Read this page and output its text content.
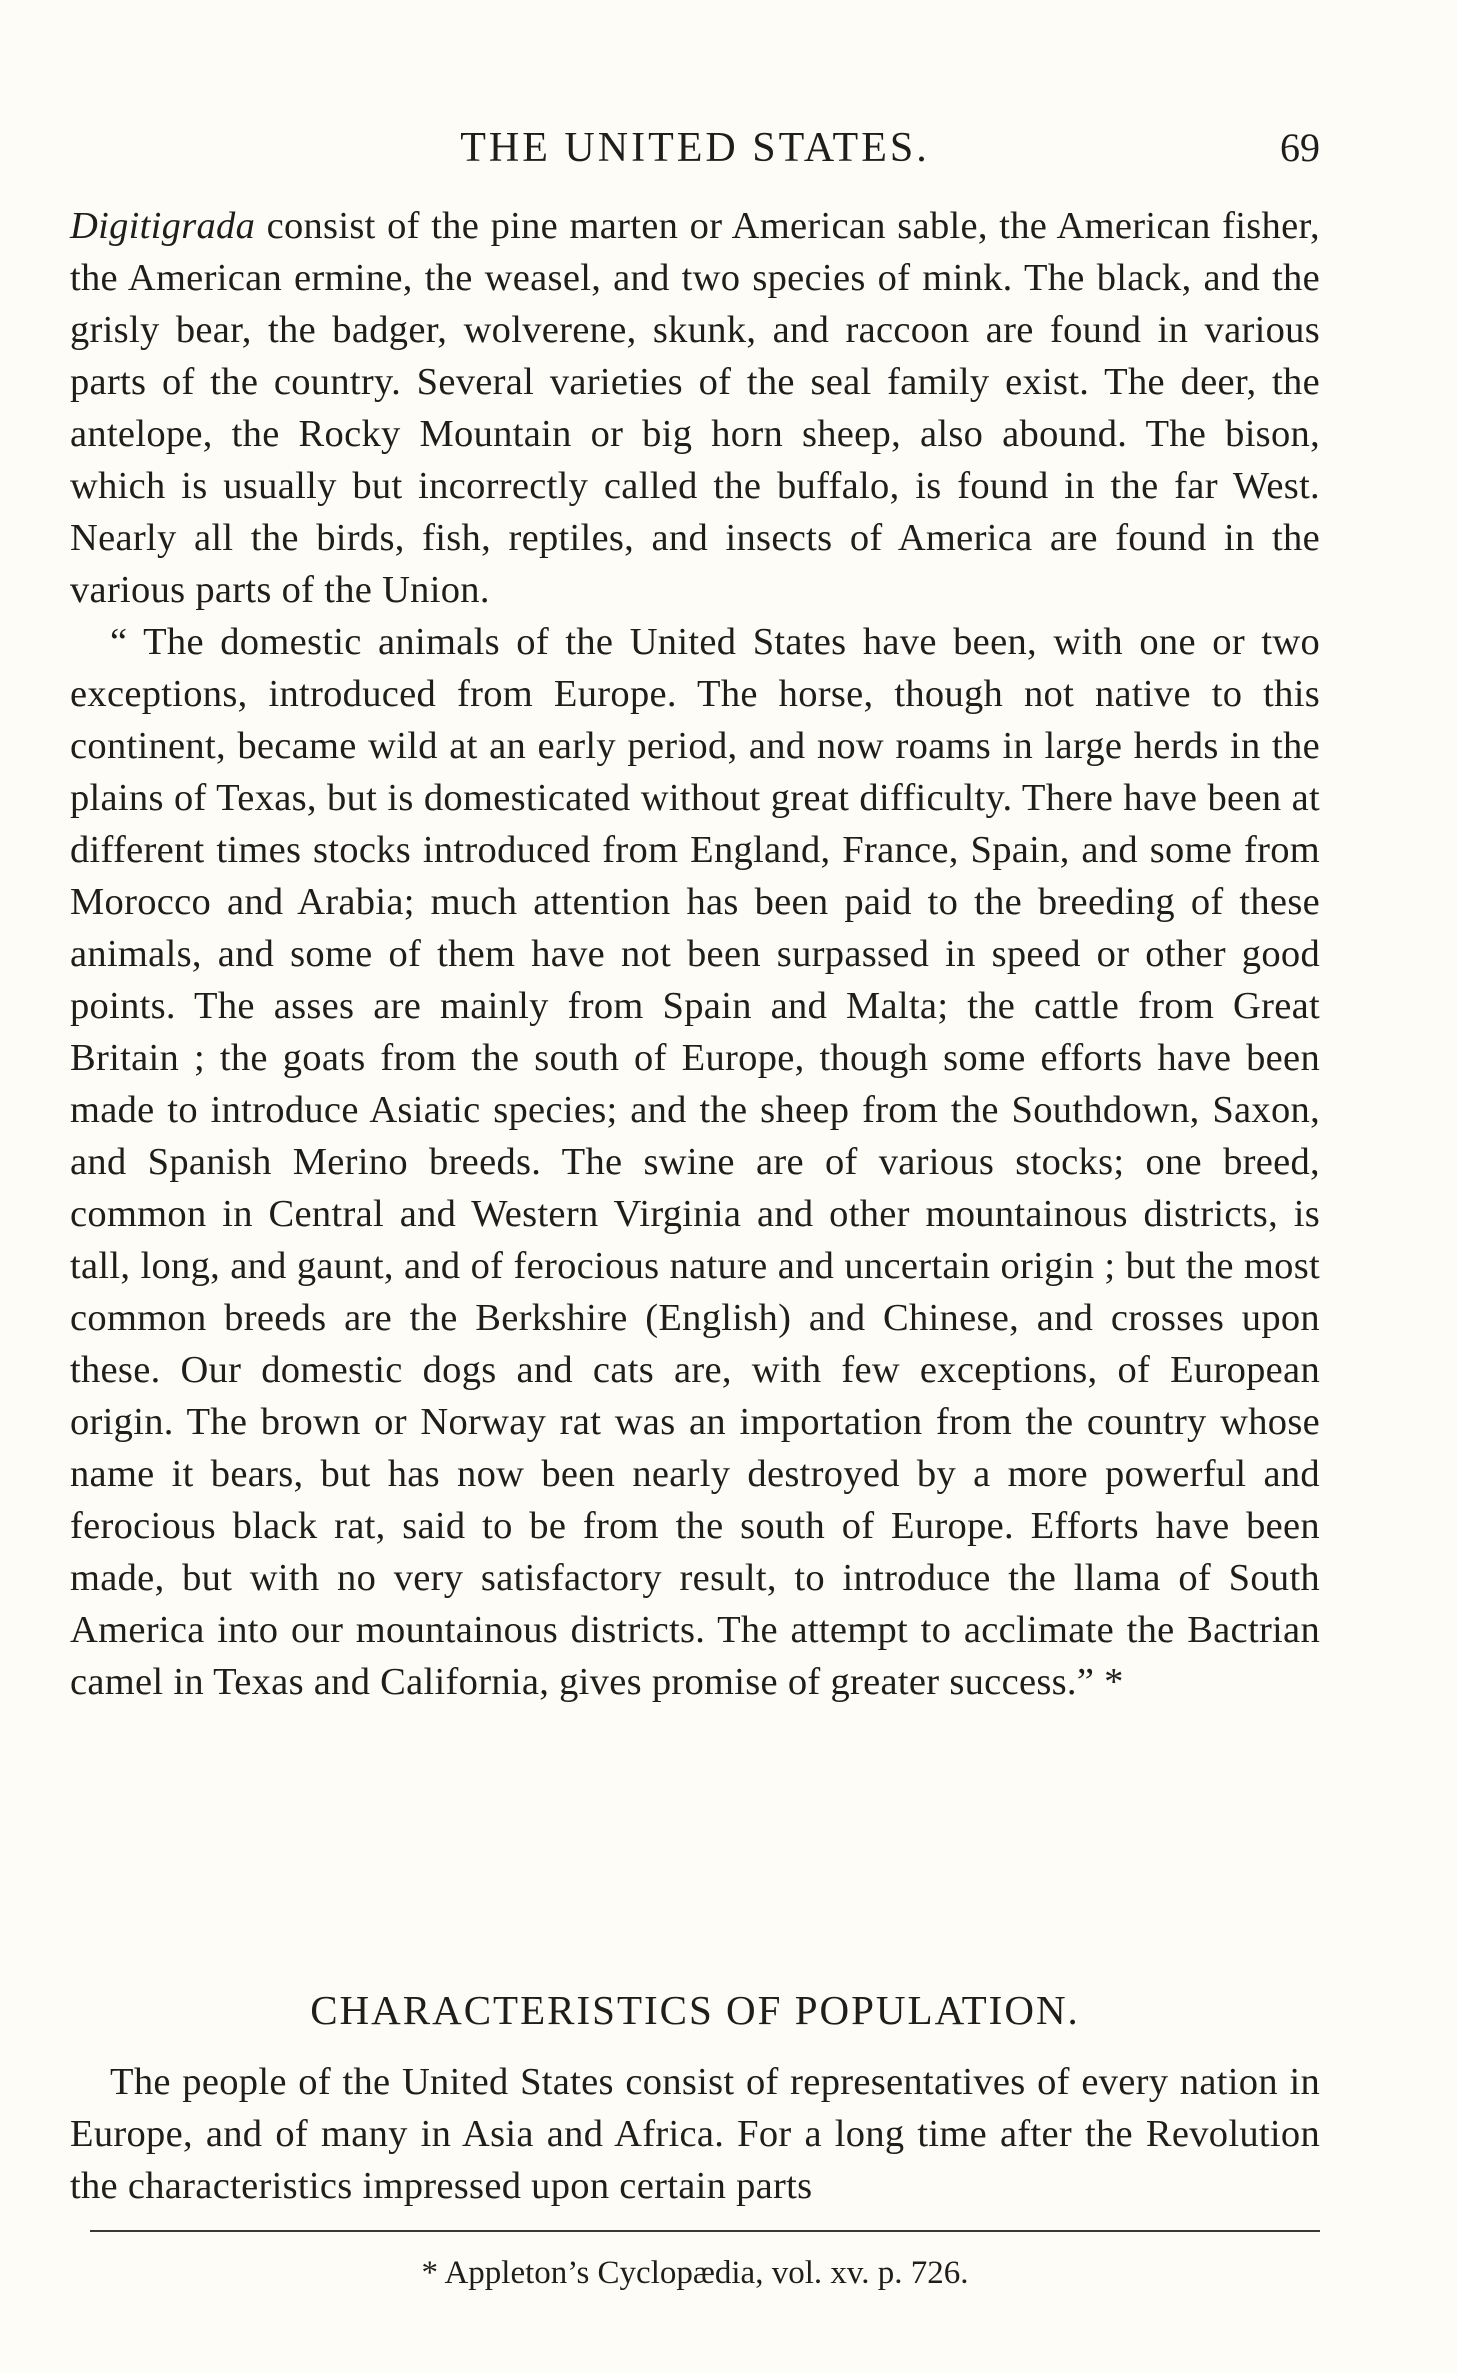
THE UNITED STATES.	69

Digitigrada consist of the pine marten or American sable, the American fisher, the American ermine, the weasel, and two species of mink. The black, and the grisly bear, the badger, wolverene, skunk, and raccoon are found in various parts of the country. Several varieties of the seal family exist. The deer, the antelope, the Rocky Mountain or big horn sheep, also abound. The bison, which is usually but incorrectly called the buffalo, is found in the far West. Nearly all the birds, fish, reptiles, and insects of America are found in the various parts of the Union.

“ The domestic animals of the United States have been, with one or two exceptions, introduced from Europe. The horse, though not native to this continent, became wild at an early period, and now roams in large herds in the plains of Texas, but is domesticated without great difficulty. There have been at different times stocks introduced from England, France, Spain, and some from Morocco and Arabia; much attention has been paid to the breeding of these animals, and some of them have not been surpassed in speed or other good points. The asses are mainly from Spain and Malta; the cattle from Great Britain ; the goats from the south of Europe, though some efforts have been made to introduce Asiatic species; and the sheep from the Southdown, Saxon, and Spanish Merino breeds. The swine are of various stocks; one breed, common in Central and Western Virginia and other mountainous districts, is tall, long, and gaunt, and of ferocious nature and uncertain origin ; but the most common breeds are the Berkshire (English) and Chinese, and crosses upon these. Our domestic dogs and cats are, with few exceptions, of European origin. The brown or Norway rat was an importation from the country whose name it bears, but has now been nearly destroyed by a more powerful and ferocious black rat, said to be from the south of Europe. Efforts have been made, but with no very satisfactory result, to introduce the llama of South America into our mountainous districts. The attempt to acclimate the Bactrian camel in Texas and California, gives promise of greater success.” *

CHARACTERISTICS OF POPULATION.

The people of the United States consist of representatives of every nation in Europe, and of many in Asia and Africa. For a long time after the Revolution the characteristics impressed upon certain parts

* Appleton’s Cyclopædia, vol. xv. p. 726.
